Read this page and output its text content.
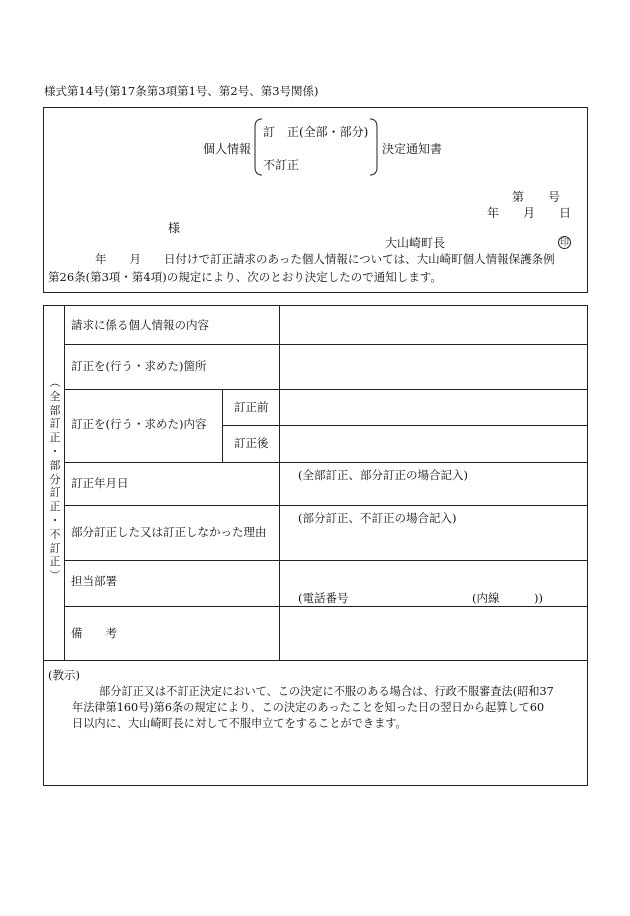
様式第14号(第17条第3項第1号、第2号、第3号関係)
個人情報
訂　正(全部・部分)
不訂正
決定通知書
第　　号
年　　月　　日
様
大山崎町長	印
年　　月　　日付けで訂正請求のあった個人情報については、大山崎町個人情報保護条例
第26条(第3項・第4項)の規定により、次のとおり決定したので通知します。
︵
全
部
訂
正
・
部
分
訂
正
・
不
訂
正
︶
請求に係る個人情報の内容
訂正を(行う・求めた)箇所
訂正を(行う・求めた)内容
訂正前
訂正後
訂正年月日
(全部訂正、部分訂正の場合記入)
部分訂正した又は訂正しなかった理由
(部分訂正、不訂正の場合記入)
担当部署
(電話番号	(内線　　　))
備　　考
(教示)
部分訂正又は不訂正決定において、この決定に不服のある場合は、行政不服審査法(昭和37
年法律第160号)第6条の規定により、この決定のあったことを知った日の翌日から起算して60
日以内に、大山崎町長に対して不服申立てをすることができます。
